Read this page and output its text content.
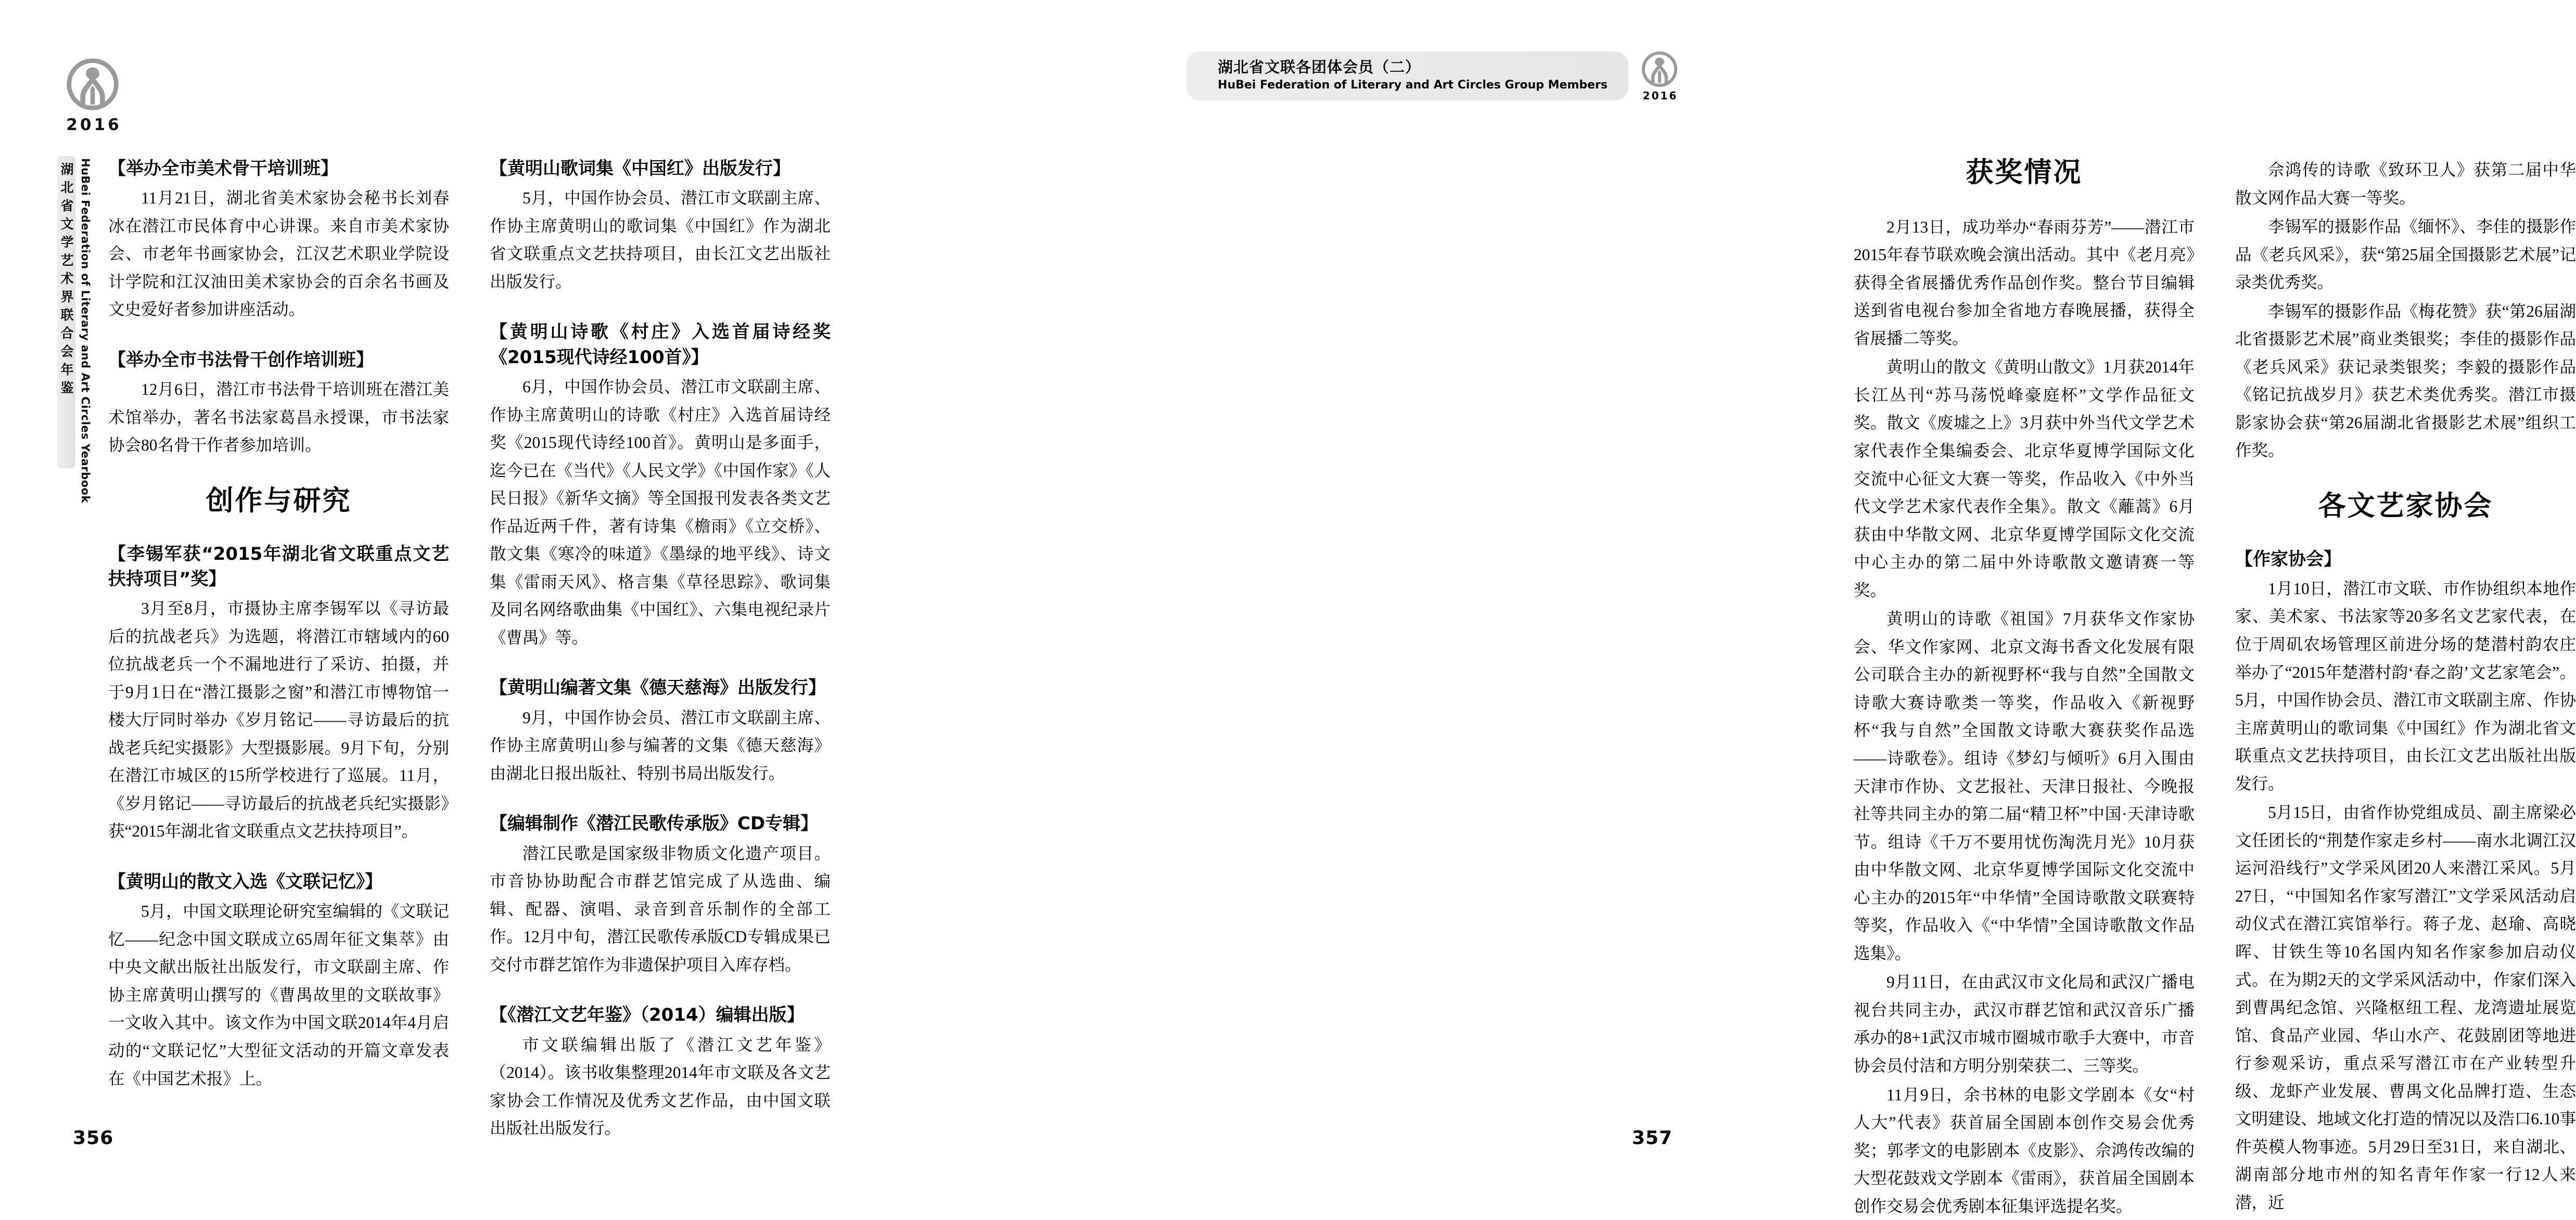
2016
湖北省文学艺术界联合会年鉴 HuBei Federation of Literary and Art Circles Yearbook 【举办全市美术骨干培训班】

11月21日，湖北省美术家协会秘书长刘春冰在潜江市民体育中心讲课。来自市美术家协会、市老年书画家协会，江汉艺术职业学院设计学院和江汉油田美术家协会的百余名书画及文史爱好者参加讲座活动。

【举办全市书法骨干创作培训班】

12月6日，潜江市书法骨干培训班在潜江美术馆举办，著名书法家葛昌永授课，市书法家协会80名骨干作者参加培训。

创作与研究
【李锡军获“2015年湖北省文联重点文艺扶持项目”奖】

3月至8月，市摄协主席李锡军以《寻访最后的抗战老兵》为选题，将潜江市辖域内的60位抗战老兵一个不漏地进行了采访、拍摄，并于9月1日在“潜江摄影之窗”和潜江市博物馆一楼大厅同时举办《岁月铭记——寻访最后的抗战老兵纪实摄影》大型摄影展。9月下旬，分别在潜江市城区的15所学校进行了巡展。11月，《岁月铭记——寻访最后的抗战老兵纪实摄影》获“2015年湖北省文联重点文艺扶持项目”。

【黄明山的散文入选《文联记忆》】

5月，中国文联理论研究室编辑的《文联记忆——纪念中国文联成立65周年征文集萃》由中央文献出版社出版发行，市文联副主席、作协主席黄明山撰写的《曹禺故里的文联故事》一文收入其中。该文作为中国文联2014年4月启动的“文联记忆”大型征文活动的开篇文章发表在《中国艺术报》上。

【黄明山歌词集《中国红》出版发行】

5月，中国作协会员、潜江市文联副主席、作协主席黄明山的歌词集《中国红》作为湖北省文联重点文艺扶持项目，由长江文艺出版社出版发行。

【黄明山诗歌《村庄》入选首届诗经奖《2015现代诗经100首》】

6月，中国作协会员、潜江市文联副主席、作协主席黄明山的诗歌《村庄》入选首届诗经奖《2015现代诗经100首》。黄明山是多面手，迄今已在《当代》《人民文学》《中国作家》《人民日报》《新华文摘》等全国报刊发表各类文艺作品近两千件，著有诗集《檐雨》《立交桥》、散文集《寒冷的味道》《墨绿的地平线》、诗文集《雷雨天风》、格言集《草径思踪》、歌词集及同名网络歌曲集《中国红》、六集电视纪录片《曹禺》等。

【黄明山编著文集《德天慈海》出版发行】

9月，中国作协会员、潜江市文联副主席、作协主席黄明山参与编著的文集《德天慈海》由湖北日报出版社、特别书局出版发行。

【编辑制作《潜江民歌传承版》CD专辑】

潜江民歌是国家级非物质文化遗产项目。市音协协助配合市群艺馆完成了从选曲、编辑、配器、演唱、录音到音乐制作的全部工作。12月中旬，潜江民歌传承版CD专辑成果已交付市群艺馆作为非遗保护项目入库存档。

【《潜江文艺年鉴》（2014）编辑出版】

市文联编辑出版了《潜江文艺年鉴》（2014）。该书收集整理2014年市文联及各文艺家协会工作情况及优秀文艺作品，由中国文联出版社出版发行。

356
2016
湖北省文联各团体会员（二）
HuBei Federation of Literary and Art Circles Group Members
获奖情况

2月13日，成功举办“春雨芬芳”——潜江市2015年春节联欢晚会演出活动。其中《老月亮》获得全省展播优秀作品创作奖。整台节目编辑送到省电视台参加全省地方春晚展播，获得全省展播二等奖。

黄明山的散文《黄明山散文》1月获2014年长江丛刊“苏马荡悦峰豪庭杯”文学作品征文奖。散文《废墟之上》3月获中外当代文学艺术家代表作全集编委会、北京华夏博学国际文化交流中心征文大赛一等奖，作品收入《中外当代文学艺术家代表作全集》。散文《蘺蒿》6月获由中华散文网、北京华夏博学国际文化交流中心主办的第二届中外诗歌散文邀请赛一等奖。

黄明山的诗歌《祖国》7月获华文作家协会、华文作家网、北京文海书香文化发展有限公司联合主办的新视野杯“我与自然”全国散文诗歌大赛诗歌类一等奖，作品收入《新视野杯“我与自然”全国散文诗歌大赛获奖作品选——诗歌卷》。组诗《梦幻与倾听》6月入围由天津市作协、文艺报社、天津日报社、今晚报社等共同主办的第二届“精卫杯”中国·天津诗歌节。组诗《千万不要用忧伤淘洗月光》10月获由中华散文网、北京华夏博学国际文化交流中心主办的2015年“中华情”全国诗歌散文联赛特等奖，作品收入《“中华情”全国诗歌散文作品选集》。

9月11日，在由武汉市文化局和武汉广播电视台共同主办，武汉市群艺馆和武汉音乐广播承办的8+1武汉市城市圈城市歌手大赛中，市音协会员付洁和方明分别荣获二、三等奖。

11月9日，余书林的电影文学剧本《女“村人大”代表》获首届全国剧本创作交易会优秀奖；郭孝文的电影剧本《皮影》、佘鸿传改编的大型花鼓戏文学剧本《雷雨》，获首届全国剧本创作交易会优秀剧本征集评选提名奖。

佘鸿传的诗歌《致环卫人》获第二届中华散文网作品大赛一等奖。

李锡军的摄影作品《缅怀》、李佳的摄影作品《老兵风采》，获“第25届全国摄影艺术展”记录类优秀奖。

李锡军的摄影作品《梅花赞》获“第26届湖北省摄影艺术展”商业类银奖；李佳的摄影作品《老兵风采》获记录类银奖；李毅的摄影作品《铭记抗战岁月》获艺术类优秀奖。潜江市摄影家协会获“第26届湖北省摄影艺术展”组织工作奖。

各文艺家协会
【作家协会】

1月10日，潜江市文联、市作协组织本地作家、美术家、书法家等20多名文艺家代表，在位于周矶农场管理区前进分场的楚潜村韵农庄举办了“2015年楚潜村韵‘春之韵’文艺家笔会”。5月，中国作协会员、潜江市文联副主席、作协主席黄明山的歌词集《中国红》作为湖北省文联重点文艺扶持项目，由长江文艺出版社出版发行。

5月15日，由省作协党组成员、副主席梁必文任团长的“荆楚作家走乡村——南水北调江汉运河沿线行”文学采风团20人来潜江采风。5月27日，“中国知名作家写潜江”文学采风活动启动仪式在潜江宾馆举行。蒋子龙、赵瑜、高晓晖、甘铁生等10名国内知名作家参加启动仪式。在为期2天的文学采风活动中，作家们深入到曹禺纪念馆、兴隆枢纽工程、龙湾遗址展览馆、食品产业园、华山水产、花鼓剧团等地进行参观采访，重点采写潜江市在产业转型升级、龙虾产业发展、曹禺文化品牌打造、生态文明建设、地域文化打造的情况以及浩口6.10事件英模人物事迹。5月29日至31日，来自湖北、湖南部分地市州的知名青年作家一行12人来潜，近

357
